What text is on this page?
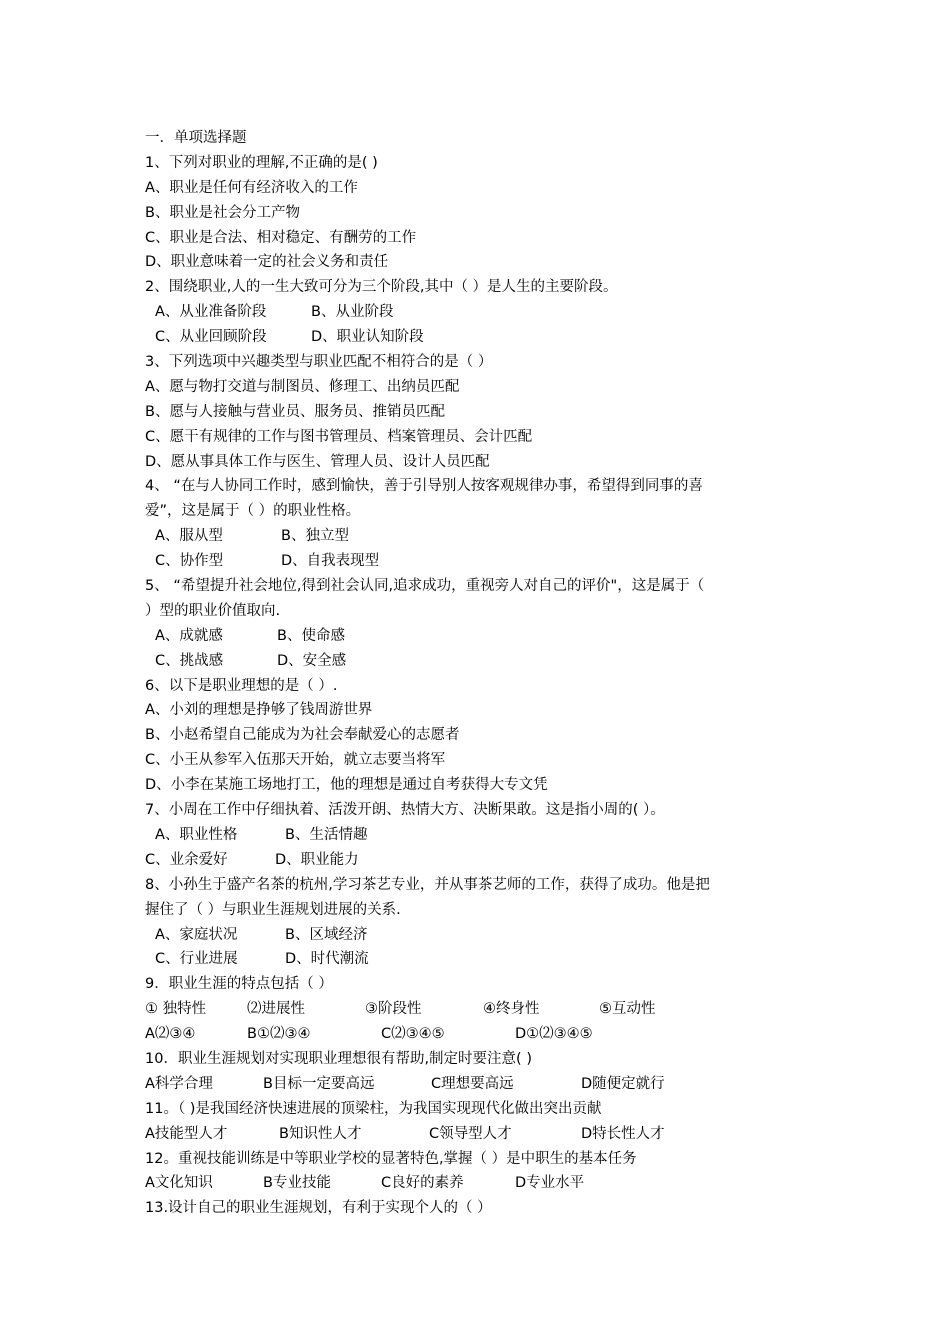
一．单项选择题
1、下列对职业的理解,不正确的是( )
A、职业是任何有经济收入的工作
B、职业是社会分工产物
C、职业是合法、相对稳定、有酬劳的工作
D、职业意味着一定的社会义务和责任
2、围绕职业,人的一生大致可分为三个阶段,其中（ ）是人生的主要阶段。
A、从业准备阶段	B、从业阶段
C、从业回顾阶段	D、职业认知阶段
3、下列选项中兴趣类型与职业匹配不相符合的是（ ）
A、愿与物打交道与制图员、修理工、出纳员匹配
B、愿与人接触与营业员、服务员、推销员匹配
C、愿干有规律的工作与图书管理员、档案管理员、会计匹配
D、愿从事具体工作与医生、管理人员、设计人员匹配
4、 “在与人协同工作时，感到愉快，善于引导别人按客观规律办事，希望得到同事的喜
爱”，这是属于（ ）的职业性格。
A、服从型	B、独立型
C、协作型	D、自我表现型
5、 “希望提升社会地位,得到社会认同,追求成功，重视旁人对自己的评价"，这是属于（
）型的职业价值取向.
A、成就感	B、使命感
C、挑战感	D、安全感
6、以下是职业理想的是（ ）.
A、小刘的理想是挣够了钱周游世界
B、小赵希望自己能成为为社会奉献爱心的志愿者
C、小王从参军入伍那天开始，就立志要当将军
D、小李在某施工场地打工，他的理想是通过自考获得大专文凭
7、小周在工作中仔细执着、活泼开朗、热情大方、决断果敢。这是指小周的( ）。
A、职业性格	B、生活情趣
C、业余爱好	D、职业能力
8、小孙生于盛产名茶的杭州,学习茶艺专业，并从事茶艺师的工作，获得了成功。他是把
握住了（ ）与职业生涯规划进展的关系.
A、家庭状况	B、区域经济
C、行业进展	D、时代潮流
9．职业生涯的特点包括（ ）
① 独特性	⑵进展性	③阶段性	④终身性	⑤互动性
A⑵③④	B①⑵③④	C⑵③④⑤	D①⑵③④⑤
10．职业生涯规划对实现职业理想很有帮助,制定时要注意( )
A科学合理	B目标一定要高远	C理想要高远	D随便定就行
11。（ )是我国经济快速进展的顶梁柱，为我国实现现代化做出突出贡献
A技能型人才	B知识性人才	C领导型人才	D特长性人才
12。重视技能训练是中等职业学校的显著特色,掌握（ ）是中职生的基本任务
A文化知识	B专业技能	C良好的素养	D专业水平
13.设计自己的职业生涯规划，有利于实现个人的（ ）
